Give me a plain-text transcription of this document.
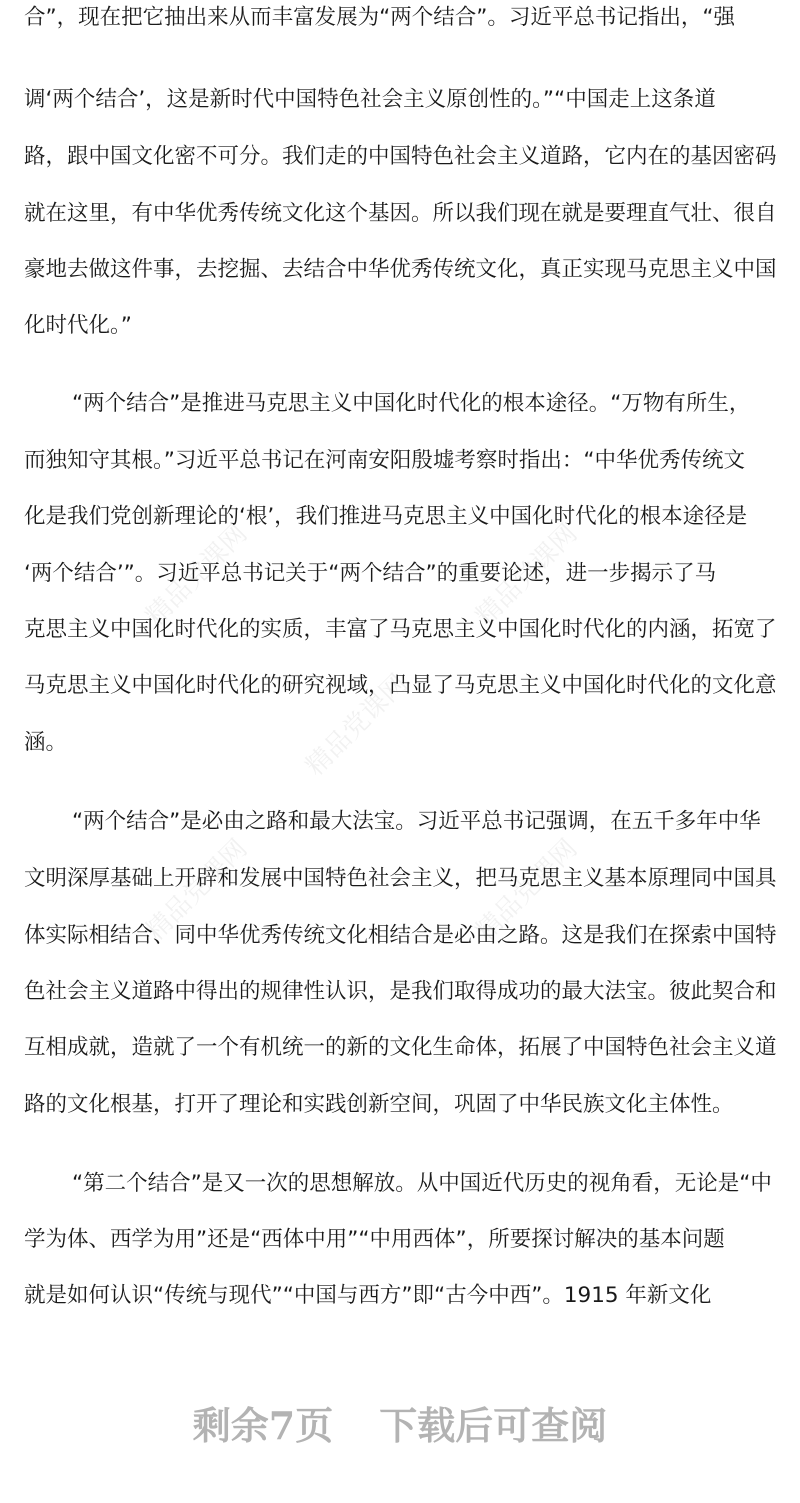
精品党课网	精品党课网
精品党课网
精品党课网	精品党课网
合”，现在把它抽出来从而丰富发展为“两个结合”。习近平总书记指出，“强
调‘两个结合’，这是新时代中国特色社会主义原创性的。”“中国走上这条道
路，跟中国文化密不可分。我们走的中国特色社会主义道路，它内在的基因密码
就在这里，有中华优秀传统文化这个基因。所以我们现在就是要理直气壮、很自
豪地去做这件事，去挖掘、去结合中华优秀传统文化，真正实现马克思主义中国
化时代化。”
“两个结合”是推进马克思主义中国化时代化的根本途径。“万物有所生，
而独知守其根。”习近平总书记在河南安阳殷墟考察时指出：“中华优秀传统文
化是我们党创新理论的‘根’，我们推进马克思主义中国化时代化的根本途径是
‘两个结合’”。习近平总书记关于“两个结合”的重要论述，进一步揭示了马
克思主义中国化时代化的实质，丰富了马克思主义中国化时代化的内涵，拓宽了
马克思主义中国化时代化的研究视域，凸显了马克思主义中国化时代化的文化意
涵。
“两个结合”是必由之路和最大法宝。习近平总书记强调，在五千多年中华
文明深厚基础上开辟和发展中国特色社会主义，把马克思主义基本原理同中国具
体实际相结合、同中华优秀传统文化相结合是必由之路。这是我们在探索中国特
色社会主义道路中得出的规律性认识，是我们取得成功的最大法宝。彼此契合和
互相成就，造就了一个有机统一的新的文化生命体，拓展了中国特色社会主义道
路的文化根基，打开了理论和实践创新空间，巩固了中华民族文化主体性。
“第二个结合”是又一次的思想解放。从中国近代历史的视角看，无论是“中
学为体、西学为用”还是“西体中用”“中用西体”，所要探讨解决的基本问题
就是如何认识“传统与现代”“中国与西方”即“古今中西”。1915 年新文化
剩余7页 下载后可查阅
